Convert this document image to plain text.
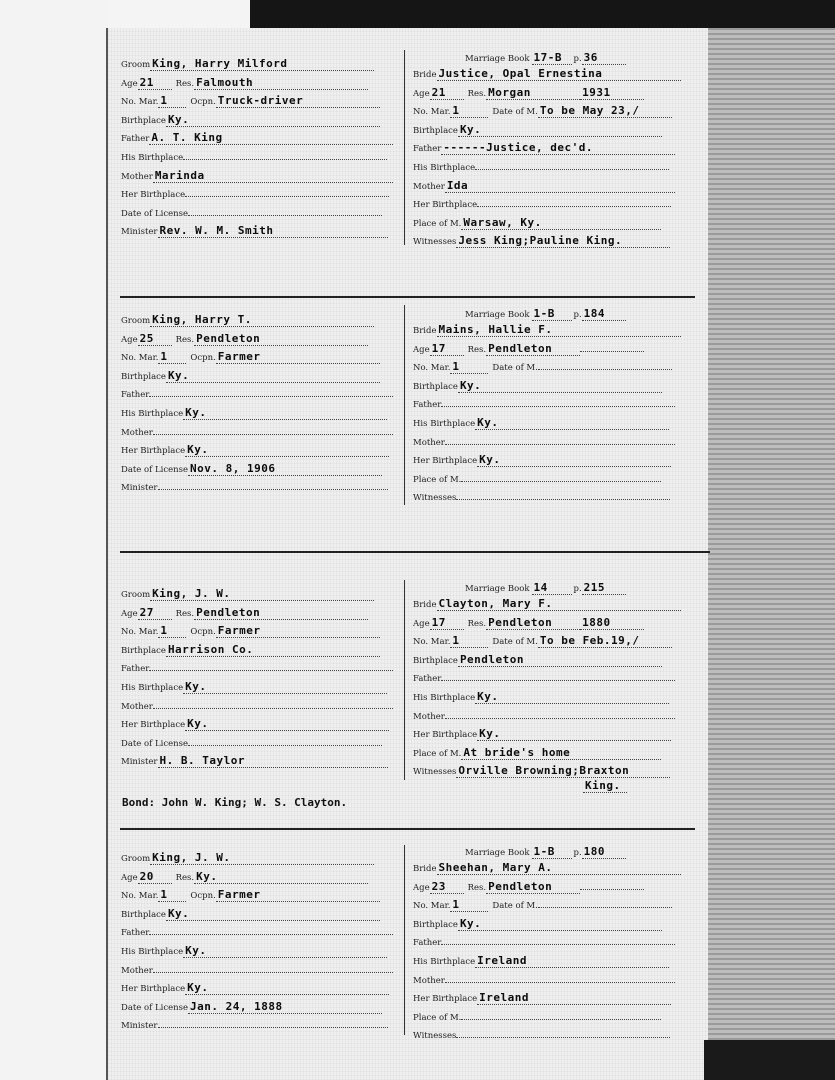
Groom King, Harry Milford
Age 21	Res. Falmouth
No. Mar. 1	Ocpn. Truck-driver
Birthplace Ky.
Father A. T. King
His Birthplace
Mother Marinda
Her Birthplace
Date of License
Minister Rev. W. M. Smith
Marriage Book 17-B p. 36
Bride Justice, Opal Ernestina
Age 21	Res. Morgan	1931
No. Mar. 1	Date of M. To be May 23,/
Birthplace Ky.
Father ------Justice, dec'd.
His Birthplace
Mother Ida
Her Birthplace
Place of M. Warsaw, Ky.
Witnesses Jess King;Pauline King.
Groom King, Harry T.
Age 25	Res. Pendleton
No. Mar. 1	Ocpn. Farmer
Birthplace Ky.
Father
His Birthplace Ky.
Mother
Her Birthplace Ky.
Date of License Nov. 8, 1906
Minister
Marriage Book 1-B p. 184
Bride Mains, Hallie F.
Age 17	Res. Pendleton
No. Mar. 1	Date of M.
Birthplace Ky.
Father
His Birthplace Ky.
Mother
Her Birthplace Ky.
Place of M.
Witnesses
Groom King, J. W.
Age 27	Res. Pendleton
No. Mar. 1	Ocpn. Farmer
Birthplace Harrison Co.
Father
His Birthplace Ky.
Mother
Her Birthplace Ky.
Date of License
Minister H. B. Taylor
Marriage Book 14	p. 215
Bride Clayton, Mary F.
Age 17	Res. Pendleton	1880
No. Mar. 1	Date of M. To be Feb.19,/
Birthplace Pendleton
Father
His Birthplace Ky.
Mother
Her Birthplace Ky.
Place of M. At bride's home
Witnesses Orville Browning;Braxton
King.
Groom King, J. W.
Age 20	Res. Ky.
No. Mar. 1	Ocpn. Farmer
Birthplace Ky.
Father
His Birthplace Ky.
Mother
Her Birthplace Ky.
Date of License Jan. 24, 1888
Minister
Marriage Book 1-B p. 180
Bride Sheehan, Mary A.
Age 23	Res. Pendleton
No. Mar. 1	Date of M.
Birthplace Ky.
Father
His Birthplace Ireland
Mother
Her Birthplace Ireland
Place of M.
Witnesses
Bond: John W. King; W. S. Clayton.
